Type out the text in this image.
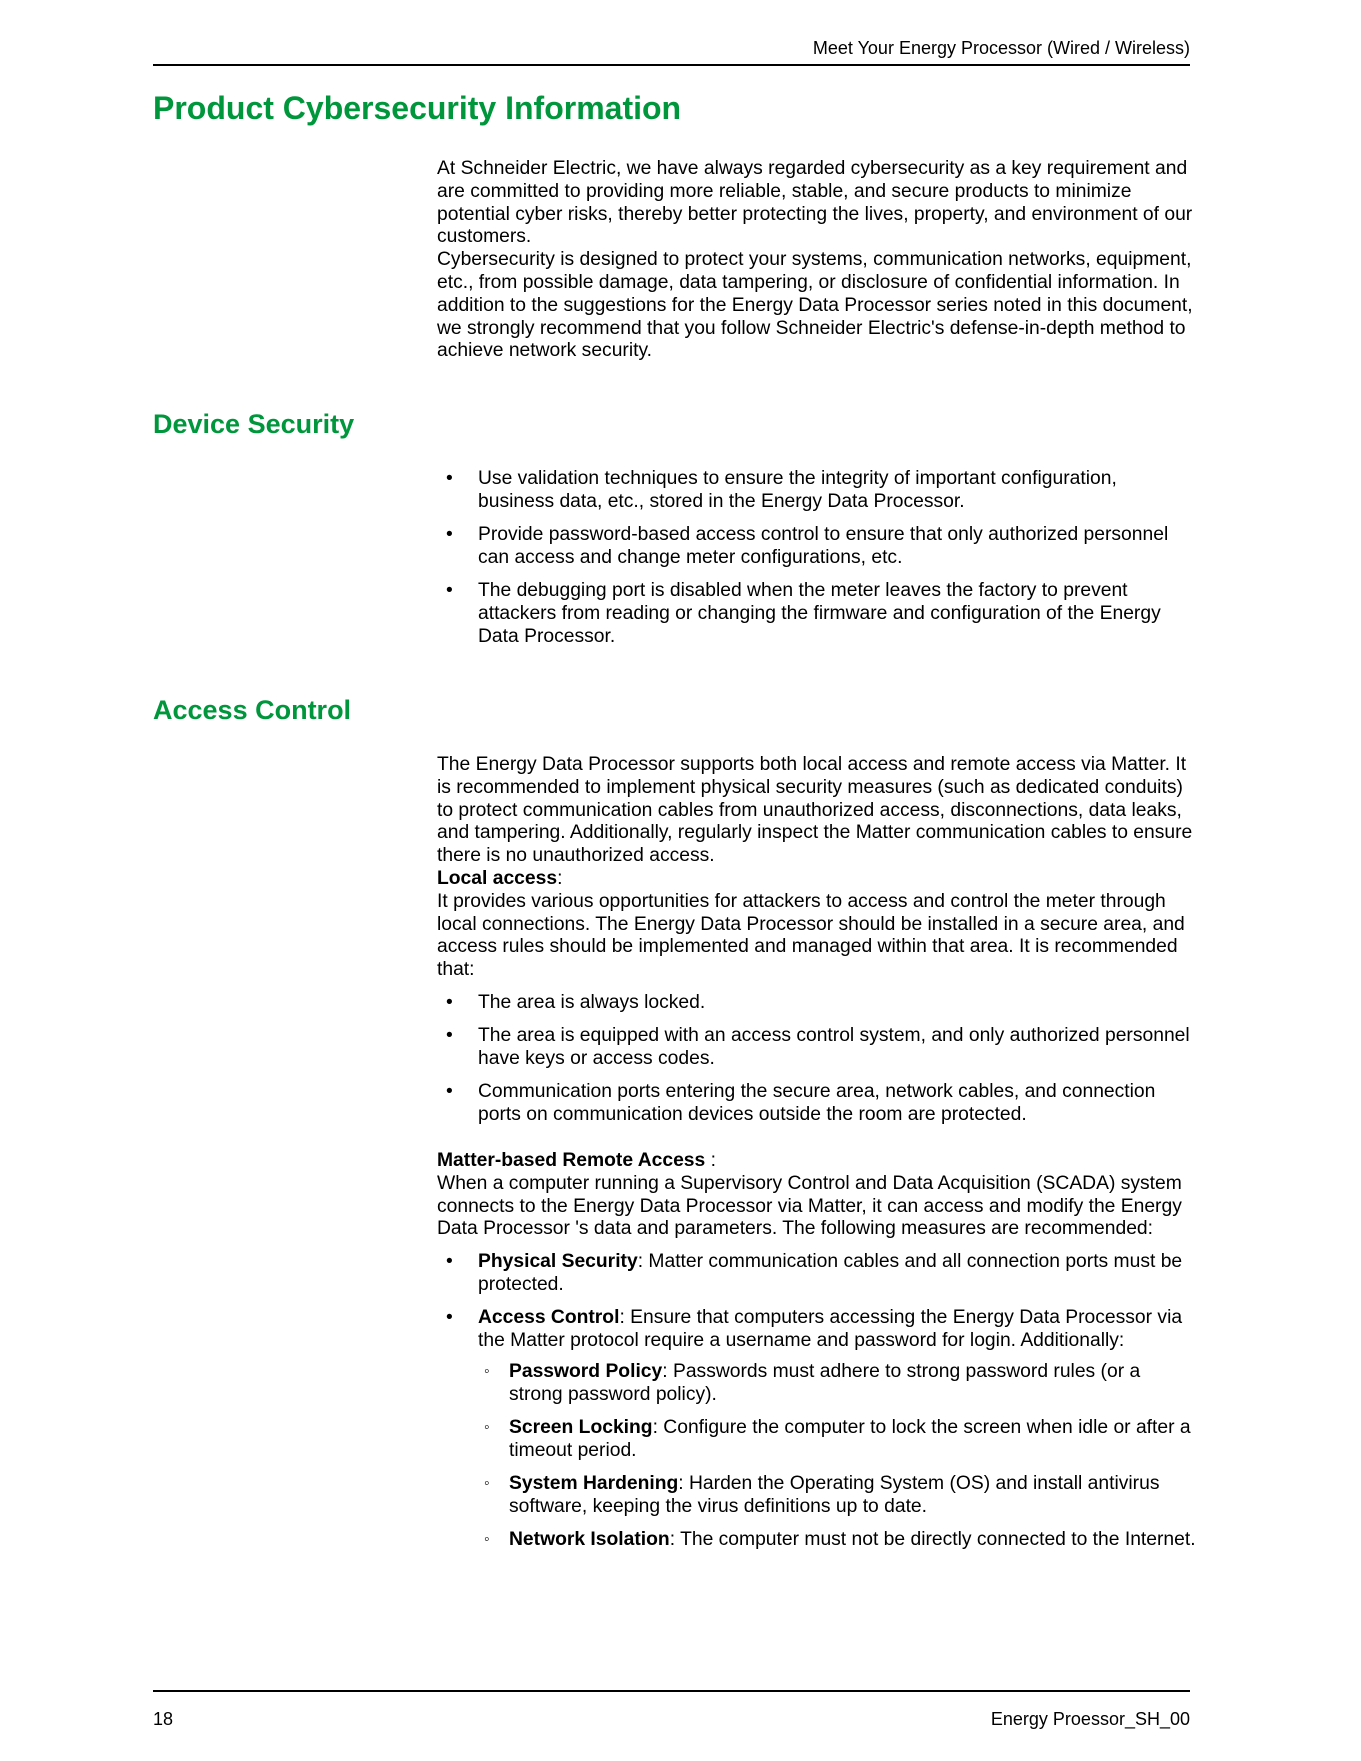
Meet Your Energy Processor (Wired / Wireless)
Product Cybersecurity Information

At Schneider Electric, we have always regarded cybersecurity as a key requirement and are committed to providing more reliable, stable, and secure products to minimize potential cyber risks, thereby better protecting the lives, property, and environment of our customers.

Cybersecurity is designed to protect your systems, communication networks, equipment, etc., from possible damage, data tampering, or disclosure of confidential information. In addition to the suggestions for the Energy Data Processor series noted in this document, we strongly recommend that you follow Schneider Electric's defense-in-depth method to achieve network security.

Device Security
• Use validation techniques to ensure the integrity of important configuration, business data, etc., stored in the Energy Data Processor.
• Provide password-based access control to ensure that only authorized personnel can access and change meter configurations, etc.
• The debugging port is disabled when the meter leaves the factory to prevent attackers from reading or changing the firmware and configuration of the Energy Data Processor.
Access Control

The Energy Data Processor supports both local access and remote access via Matter. It is recommended to implement physical security measures (such as dedicated conduits) to protect communication cables from unauthorized access, disconnections, data leaks, and tampering. Additionally, regularly inspect the Matter communication cables to ensure there is no unauthorized access.

Local access:

It provides various opportunities for attackers to access and control the meter through local connections. The Energy Data Processor should be installed in a secure area, and access rules should be implemented and managed within that area. It is recommended that:

• The area is always locked.
• The area is equipped with an access control system, and only authorized personnel have keys or access codes.
• Communication ports entering the secure area, network cables, and connection ports on communication devices outside the room are protected.

Matter-based Remote Access :

When a computer running a Supervisory Control and Data Acquisition (SCADA) system connects to the Energy Data Processor via Matter, it can access and modify the Energy Data Processor 's data and parameters. The following measures are recommended:

• Physical Security: Matter communication cables and all connection ports must be protected.
• Access Control: Ensure that computers accessing the Energy Data Processor via the Matter protocol require a username and password for login. Additionally:
◦ Password Policy: Passwords must adhere to strong password rules (or a strong password policy).
◦ Screen Locking: Configure the computer to lock the screen when idle or after a timeout period.
◦ System Hardening: Harden the Operating System (OS) and install antivirus software, keeping the virus definitions up to date.
◦ Network Isolation: The computer must not be directly connected to the Internet.
18	Energy Proessor_SH_00
